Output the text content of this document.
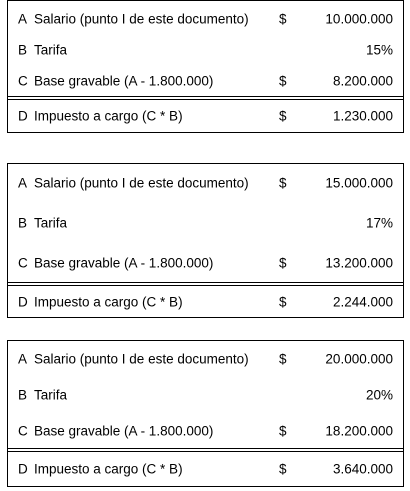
A Salario (punto I de este documento) $	10.000.000
B Tarifa	15%
C Base gravable (A - 1.800.000)	$	8.200.000
D Impuesto a cargo (C * B)	$	1.230.000
A Salario (punto I de este documento) $	15.000.000
B Tarifa	17%
C Base gravable (A - 1.800.000)	$	13.200.000
D Impuesto a cargo (C * B)	$	2.244.000
A Salario (punto I de este documento) $	20.000.000
B Tarifa	20%
C Base gravable (A - 1.800.000)	$	18.200.000
D Impuesto a cargo (C * B)	$	3.640.000
